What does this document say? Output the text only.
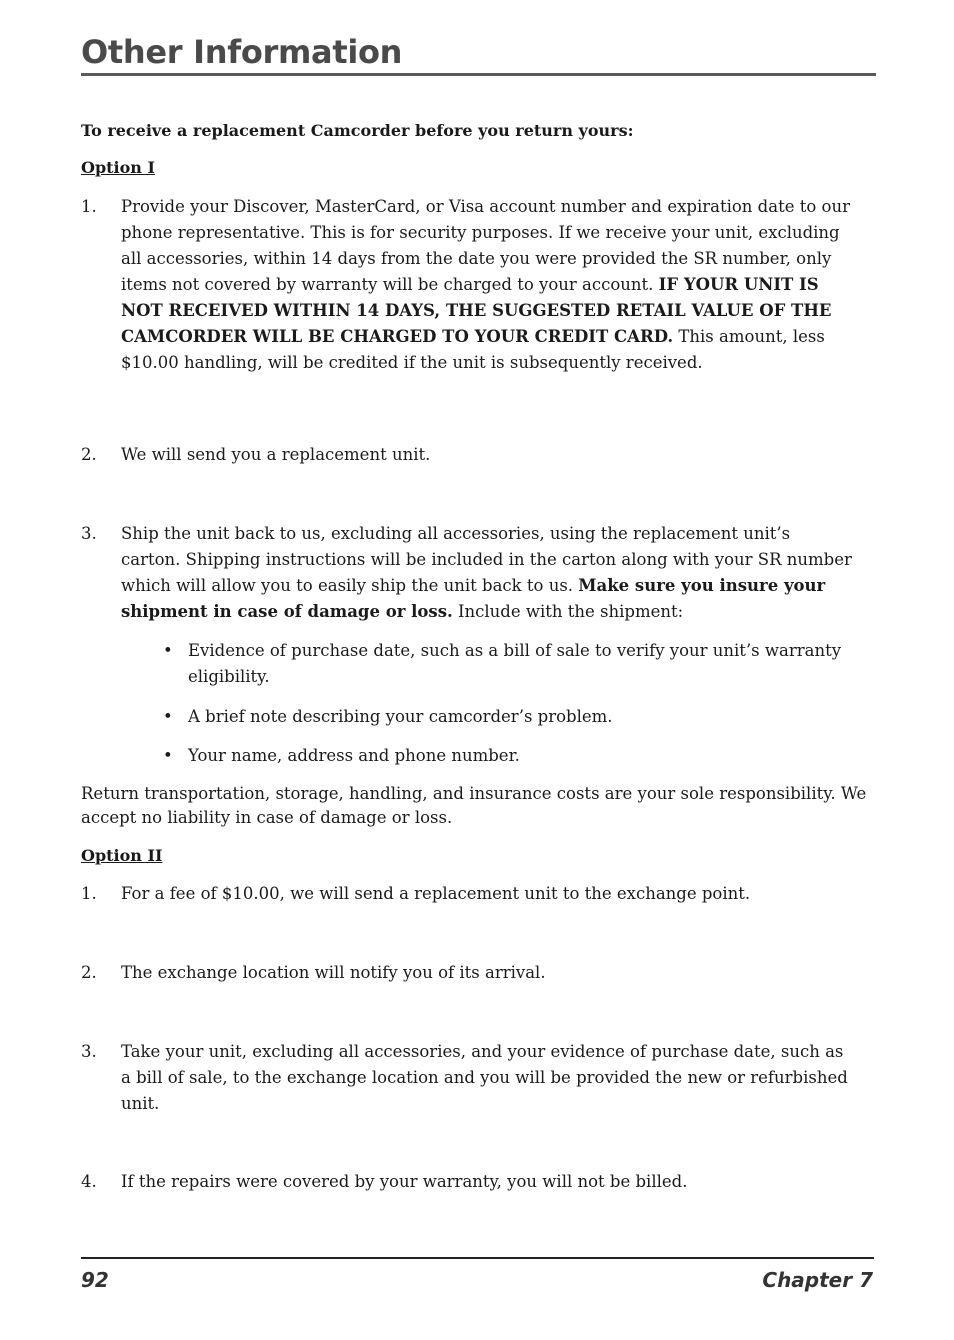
Other Information
To receive a replacement Camcorder before you return yours:
Option I
1. Provide your Discover, MasterCard, or Visa account number and expiration date to our phone representative. This is for security purposes. If we receive your unit, excluding all accessories, within 14 days from the date you were provided the SR number, only items not covered by warranty will be charged to your account. IF YOUR UNIT IS NOT RECEIVED WITHIN 14 DAYS, THE SUGGESTED RETAIL VALUE OF THE CAMCORDER WILL BE CHARGED TO YOUR CREDIT CARD. This amount, less $10.00 handling, will be credited if the unit is subsequently received.
2. We will send you a replacement unit.
3. Ship the unit back to us, excluding all accessories, using the replacement unit’s carton. Shipping instructions will be included in the carton along with your SR number which will allow you to easily ship the unit back to us. Make sure you insure your shipment in case of damage or loss. Include with the shipment:
• Evidence of purchase date, such as a bill of sale to verify your unit’s warranty eligibility.
• A brief note describing your camcorder’s problem.
• Your name, address and phone number.
Return transportation, storage, handling, and insurance costs are your sole responsibility. We accept no liability in case of damage or loss.
Option II
1. For a fee of $10.00, we will send a replacement unit to the exchange point.
2. The exchange location will notify you of its arrival.
3. Take your unit, excluding all accessories, and your evidence of purchase date, such as a bill of sale, to the exchange location and you will be provided the new or refurbished unit.
4. If the repairs were covered by your warranty, you will not be billed.
92	Chapter 7
